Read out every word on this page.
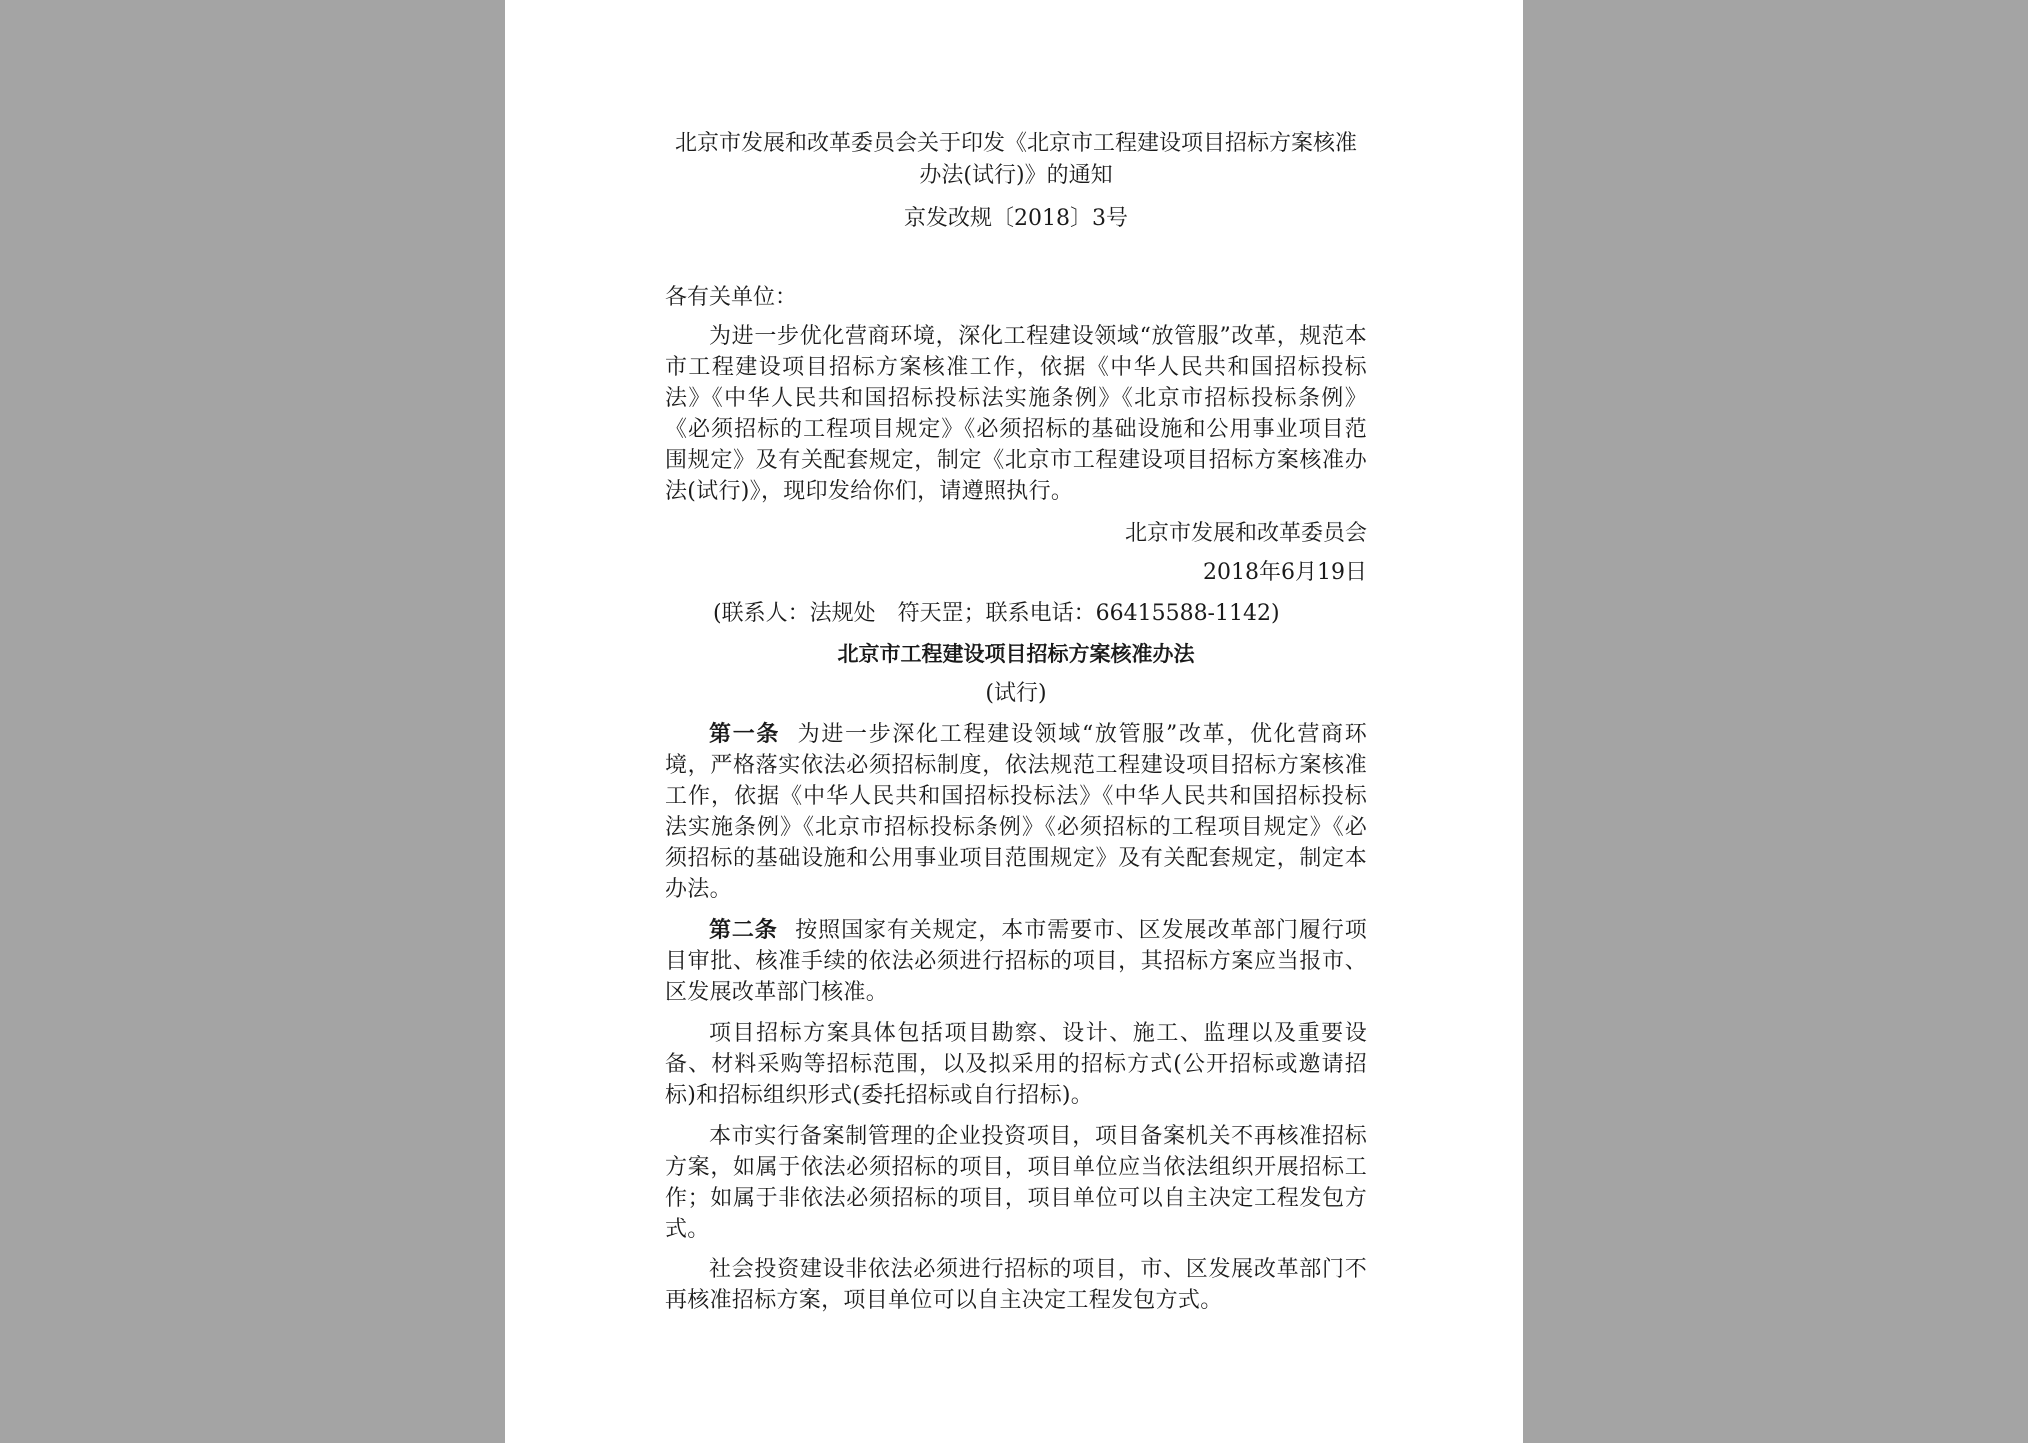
北京市发展和改革委员会关于印发《北京市工程建设项目招标方案核准办法(试行)》的通知
京发改规〔2018〕3号
各有关单位：

为进一步优化营商环境，深化工程建设领域“放管服”改革，规范本市工程建设项目招标方案核准工作，依据《中华人民共和国招标投标法》《中华人民共和国招标投标法实施条例》《北京市招标投标条例》《必须招标的工程项目规定》《必须招标的基础设施和公用事业项目范围规定》及有关配套规定，制定《北京市工程建设项目招标方案核准办法(试行)》，现印发给你们，请遵照执行。

北京市发展和改革委员会
2018年6月19日
(联系人：法规处　符天罡；联系电话：66415588-1142)
北京市工程建设项目招标方案核准办法
(试行)

第一条 为进一步深化工程建设领域“放管服”改革，优化营商环境，严格落实依法必须招标制度，依法规范工程建设项目招标方案核准工作，依据《中华人民共和国招标投标法》《中华人民共和国招标投标法实施条例》《北京市招标投标条例》《必须招标的工程项目规定》《必须招标的基础设施和公用事业项目范围规定》及有关配套规定，制定本办法。

第二条 按照国家有关规定，本市需要市、区发展改革部门履行项目审批、核准手续的依法必须进行招标的项目，其招标方案应当报市、区发展改革部门核准。

项目招标方案具体包括项目勘察、设计、施工、监理以及重要设备、材料采购等招标范围，以及拟采用的招标方式(公开招标或邀请招标)和招标组织形式(委托招标或自行招标)。

本市实行备案制管理的企业投资项目，项目备案机关不再核准招标方案，如属于依法必须招标的项目，项目单位应当依法组织开展招标工作；如属于非依法必须招标的项目，项目单位可以自主决定工程发包方式。

社会投资建设非依法必须进行招标的项目，市、区发展改革部门不再核准招标方案，项目单位可以自主决定工程发包方式。
